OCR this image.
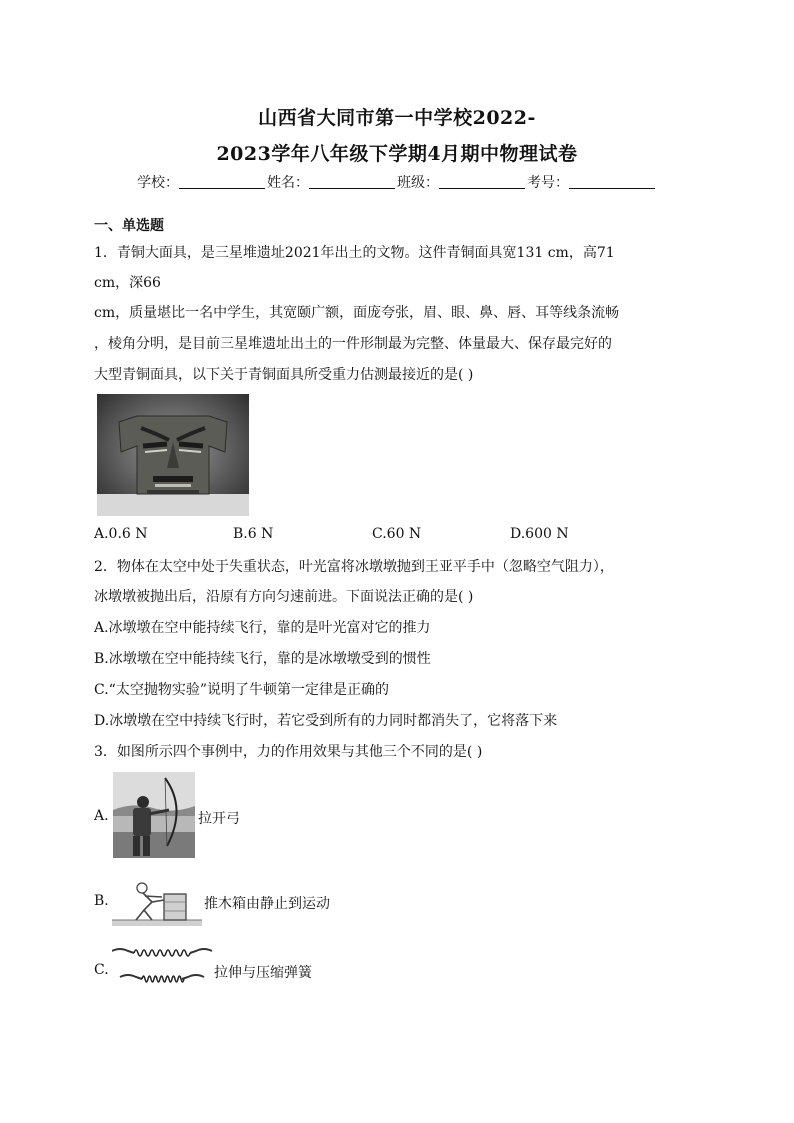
山西省大同市第一中学校2022-
2023学年八年级下学期4月期中物理试卷
学校：	姓名：	班级：	考号：
一、单选题
1．青铜大面具，是三星堆遗址2021年出土的文物。这件青铜面具宽131 cm，高71
cm，深66
cm，质量堪比一名中学生，其宽颐广额，面庞夸张，眉、眼、鼻、唇、耳等线条流畅
，棱角分明，是目前三星堆遗址出土的一件形制最为完整、体量最大、保存最完好的
大型青铜面具，以下关于青铜面具所受重力估测最接近的是( )
A.0.6 N	B.6 N	C.60 N	D.600 N
2．物体在太空中处于失重状态，叶光富将冰墩墩抛到王亚平手中（忽略空气阻力），
冰墩墩被抛出后，沿原有方向匀速前进。下面说法正确的是( )
A.冰墩墩在空中能持续飞行，靠的是叶光富对它的推力
B.冰墩墩在空中能持续飞行，靠的是冰墩墩受到的惯性
C.“太空抛物实验”说明了牛顿第一定律是正确的
D.冰墩墩在空中持续飞行时，若它受到所有的力同时都消失了，它将落下来
3．如图所示四个事例中，力的作用效果与其他三个不同的是( )
A.	拉开弓
B.	推木箱由静止到运动
C.	拉伸与压缩弹簧
